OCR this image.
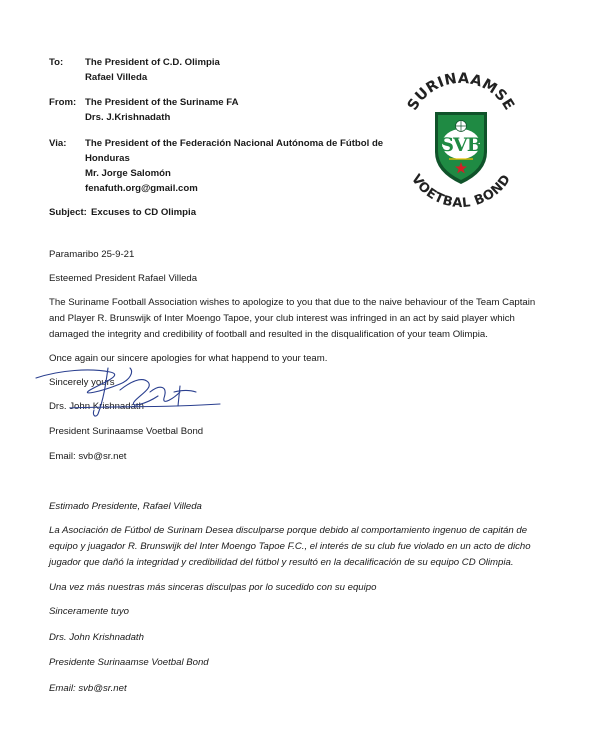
To:	The President of C.D. Olimpia
Rafael Villeda
From: The President of the Suriname FA
Drs. J.Krishnadath
Via:	The President of the Federación Nacional Autónoma de Fútbol de
Honduras
Mr. Jorge Salomón
fenafuth.org@gmail.com
Subject: Excuses to CD Olimpia
SURINAAMSE
VOETBAL BOND
SVB
Paramaribo 25-9-21
Esteemed President Rafael Villeda
The Suriname Football Association wishes to apologize to you that due to the naive behaviour of the Team Captain
and Player R. Brunswijk of Inter Moengo Tapoe, your club interest was infringed in an act by said player which
damaged the integrity and credibility of football and resulted in the disqualification of your team Olimpia.
Once again our sincere apologies for what happend to your team.
Sincerely yours
Drs. John Krishnadath
President Surinaamse Voetbal Bond
Email: svb@sr.net
Estimado Presidente, Rafael Villeda
La Asociación de Fútbol de Surinam Desea disculparse porque debido al comportamiento ingenuo de capitán de
equipo y juagador R. Brunswijk del Inter Moengo Tapoe F.C., el interés de su club fue violado en un acto de dicho
jugador que dañó la integridad y credibilidad del fútbol y resultó en la decalificación de su equipo CD Olimpia.
Una vez más nuestras más sinceras disculpas por lo sucedido con su equipo
Sinceramente tuyo
Drs. John Krishnadath
Presidente Surinaamse Voetbal Bond
Email: svb@sr.net
